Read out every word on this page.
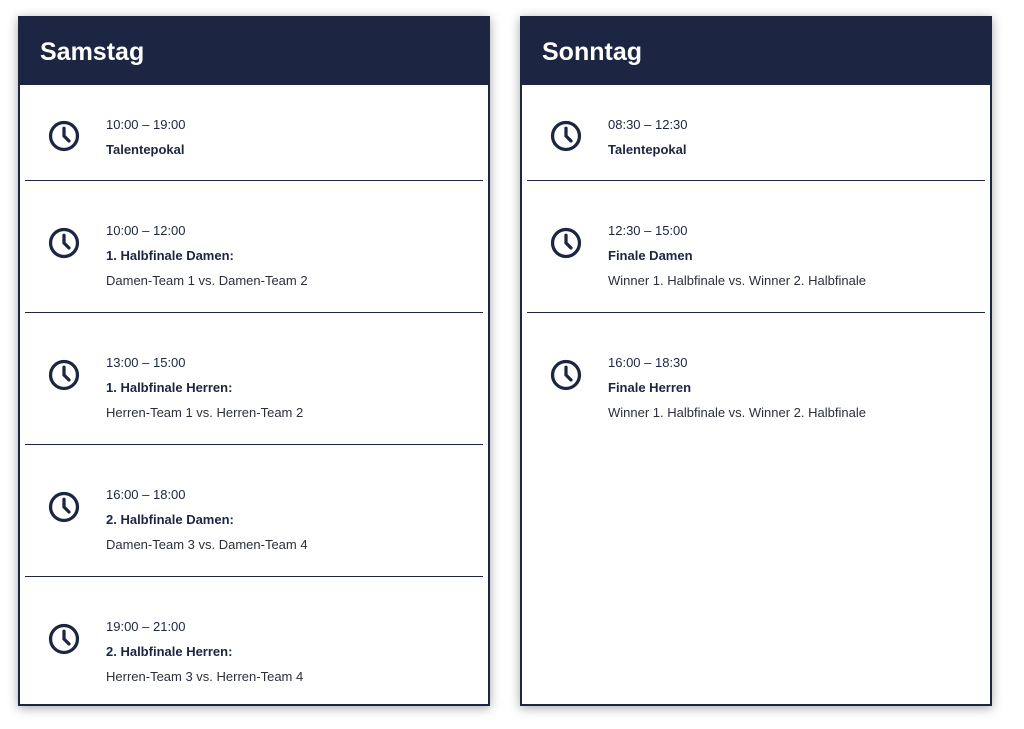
Samstag
10:00 – 19:00
Talentepokal
10:00 – 12:00
1. Halbfinale Damen:
Damen-Team 1 vs. Damen-Team 2
13:00 – 15:00
1. Halbfinale Herren:
Herren-Team 1 vs. Herren-Team 2
16:00 – 18:00
2. Halbfinale Damen:
Damen-Team 3 vs. Damen-Team 4
19:00 – 21:00
2. Halbfinale Herren:
Herren-Team 3 vs. Herren-Team 4
Sonntag
08:30 – 12:30
Talentepokal
12:30 – 15:00
Finale Damen
Winner 1. Halbfinale vs. Winner 2. Halbfinale
16:00 – 18:30
Finale Herren
Winner 1. Halbfinale vs. Winner 2. Halbfinale
